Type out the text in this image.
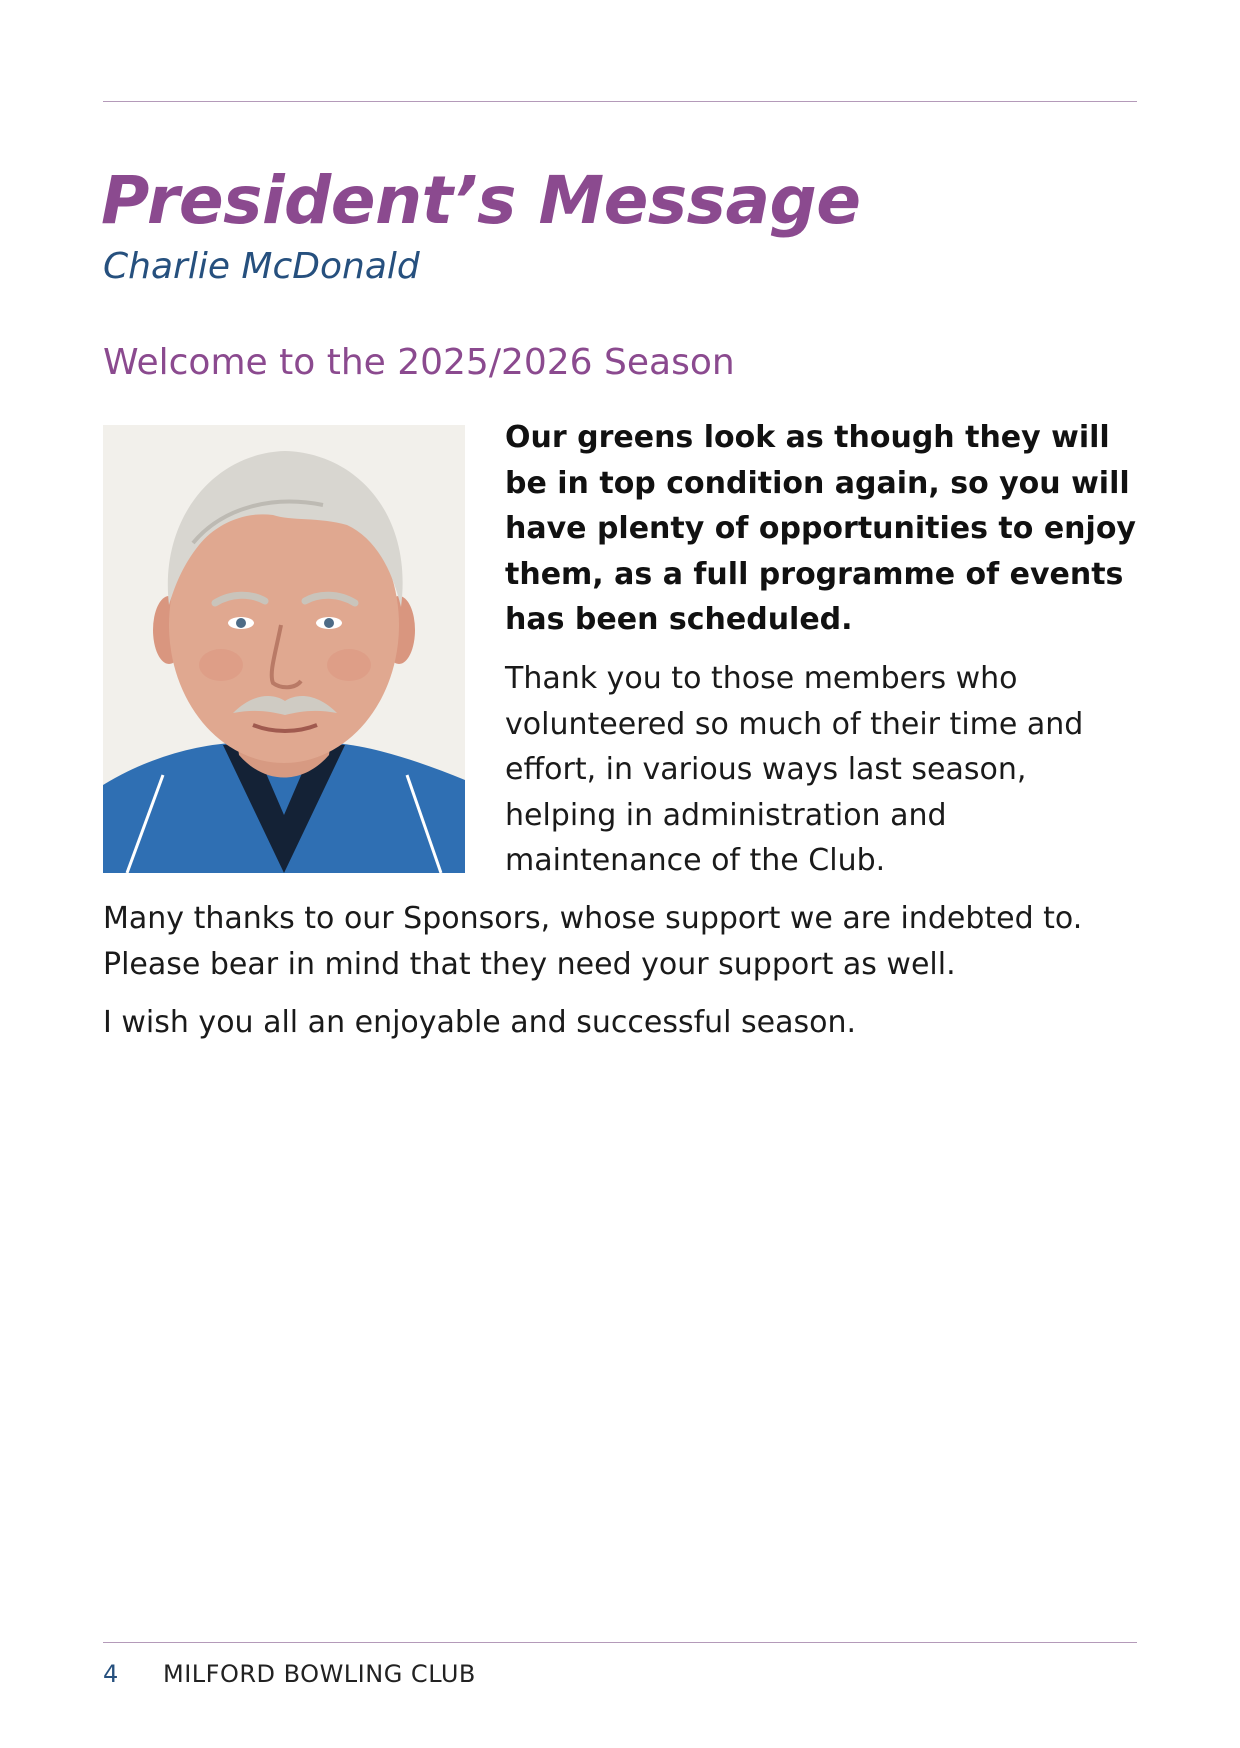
President’s Message
Charlie McDonald
Welcome to the 2025/2026 Season

Our greens look as though they will be in top condition again, so you will have plenty of opportunities to enjoy them, as a full programme of events has been scheduled.

Thank you to those members who volunteered so much of their time and effort, in various ways last season, helping in administration and maintenance of the Club.

Many thanks to our Sponsors, whose support we are indebted to. Please bear in mind that they need your support as well.

I wish you all an enjoyable and successful season.

4 MILFORD BOWLING CLUB
